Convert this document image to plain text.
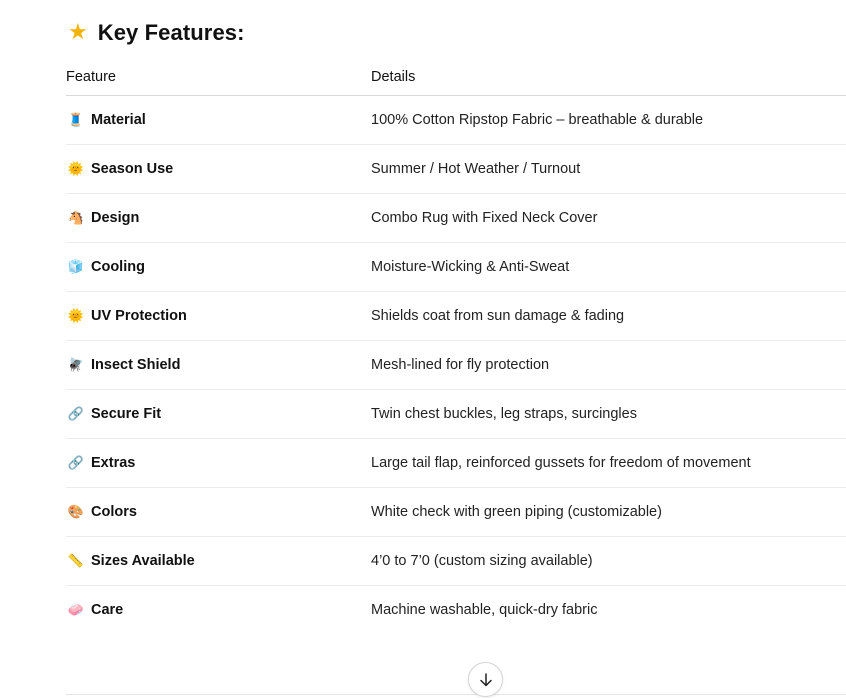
★ Key Features:
Feature	Details

🧵 Material	100% Cotton Ripstop Fabric – breathable & durable

🌞 Season Use	Summer / Hot Weather / Turnout

🐴 Design	Combo Rug with Fixed Neck Cover

🧊 Cooling	Moisture-Wicking & Anti-Sweat

🌞 UV Protection	Shields coat from sun damage & fading

🪰 Insect Shield	Mesh-lined for fly protection

🔗 Secure Fit	Twin chest buckles, leg straps, surcingles

🔗 Extras	Large tail flap, reinforced gussets for freedom of movement

🎨 Colors	White check with green piping (customizable)

📏 Sizes Available	4’0 to 7’0 (custom sizing available)

🧼 Care	Machine washable, quick-dry fabric
